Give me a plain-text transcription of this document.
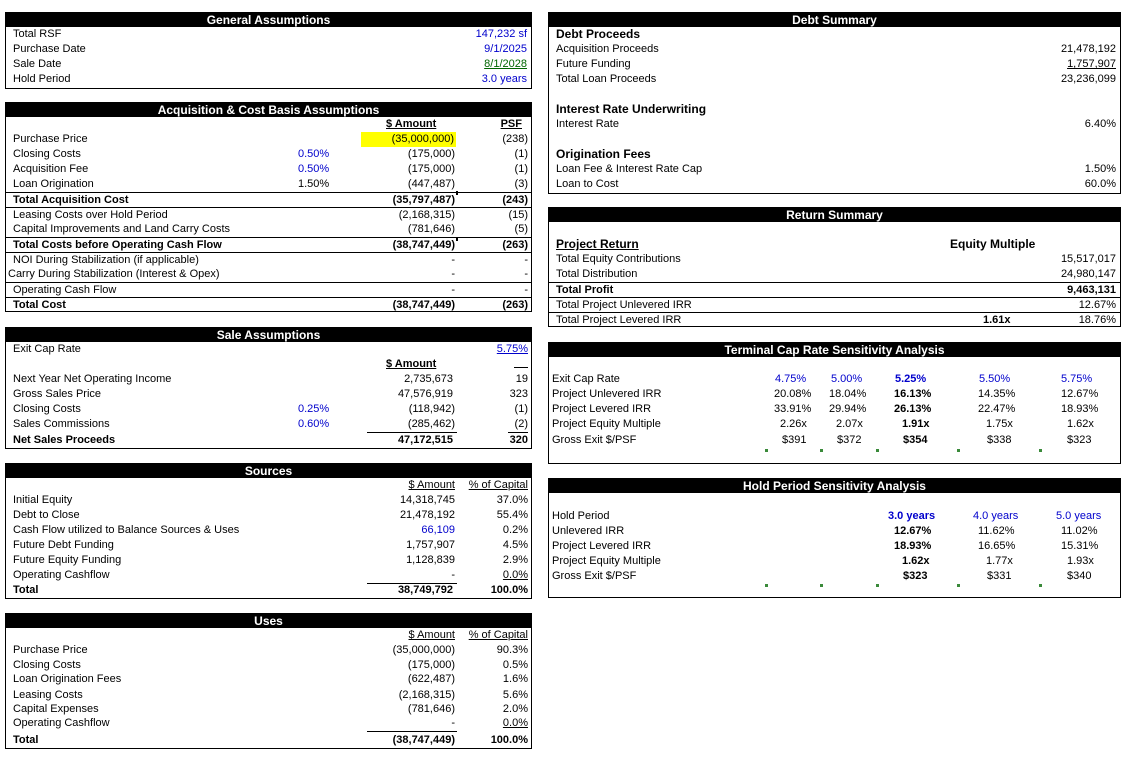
General Assumptions
Total RSF	147,232 sf
Purchase Date	9/1/2025
Sale Date	8/1/2028
Hold Period	3.0 years
Acquisition & Cost Basis Assumptions
$ Amount	PSF
Purchase Price	(35,000,000)	(238)
Closing Costs	0.50%	(175,000)	(1)
Acquisition Fee	0.50%	(175,000)	(1)
Loan Origination	1.50%	(447,487)	(3)
Total Acquisition Cost	(35,797,487)	(243)
Leasing Costs over Hold Period	(2,168,315)	(15)
Capital Improvements and Land Carry Costs	(781,646)	(5)
Total Costs before Operating Cash Flow	(38,747,449)	(263)
NOI During Stabilization (if applicable)	-	-
Carry During Stabilization (Interest & Opex)	-	-
Operating Cash Flow	-	-
Total Cost	(38,747,449)	(263)
Sale Assumptions
Exit Cap Rate	5.75%
$ Amount
Next Year Net Operating Income	2,735,673	19
Gross Sales Price	47,576,919	323
Closing Costs	0.25%	(118,942)	(1)
Sales Commissions	0.60%	(285,462)	(2)
Net Sales Proceeds	47,172,515	320
Sources
$ Amount % of Capital
Initial Equity	14,318,745	37.0%
Debt to Close	21,478,192	55.4%
Cash Flow utilized to Balance Sources & Uses	66,109	0.2%
Future Debt Funding	1,757,907	4.5%
Future Equity Funding	1,128,839	2.9%
Operating Cashflow	-	0.0%
Total	38,749,792	100.0%
Uses
$ Amount % of Capital
Purchase Price	(35,000,000)	90.3%
Closing Costs	(175,000)	0.5%
Loan Origination Fees	(622,487)	1.6%
Leasing Costs	(2,168,315)	5.6%
Capital Expenses	(781,646)	2.0%
Operating Cashflow	-	0.0%
Total	(38,747,449)	100.0%
Debt Summary
Debt Proceeds
Acquisition Proceeds	21,478,192
Future Funding	1,757,907
Total Loan Proceeds	23,236,099
Interest Rate Underwriting
Interest Rate	6.40%
Origination Fees
Loan Fee & Interest Rate Cap	1.50%
Loan to Cost	60.0%
Return Summary
Project Return	Equity Multiple
Total Equity Contributions	15,517,017
Total Distribution	24,980,147
Total Profit	9,463,131
Total Project Unlevered IRR	12.67%
Total Project Levered IRR	1.61x	18.76%
Terminal Cap Rate Sensitivity Analysis
Exit Cap Rate	4.75% 5.00%	5.25%	5.50%	5.75%
Project Unlevered IRR	20.08% 18.04%	16.13%	14.35%	12.67%
Project Levered IRR	33.91% 29.94%	26.13%	22.47%	18.93%
Project Equity Multiple	2.26x	2.07x	1.91x	1.75x	1.62x
Gross Exit $/PSF	$391	$372	$354	$338	$323
Hold Period Sensitivity Analysis
Hold Period	3.0 years	4.0 years	5.0 years
Unlevered IRR	12.67%	11.62%	11.02%
Project Levered IRR	18.93%	16.65%	15.31%
Project Equity Multiple	1.62x	1.77x	1.93x
Gross Exit $/PSF	$323	$331	$340
